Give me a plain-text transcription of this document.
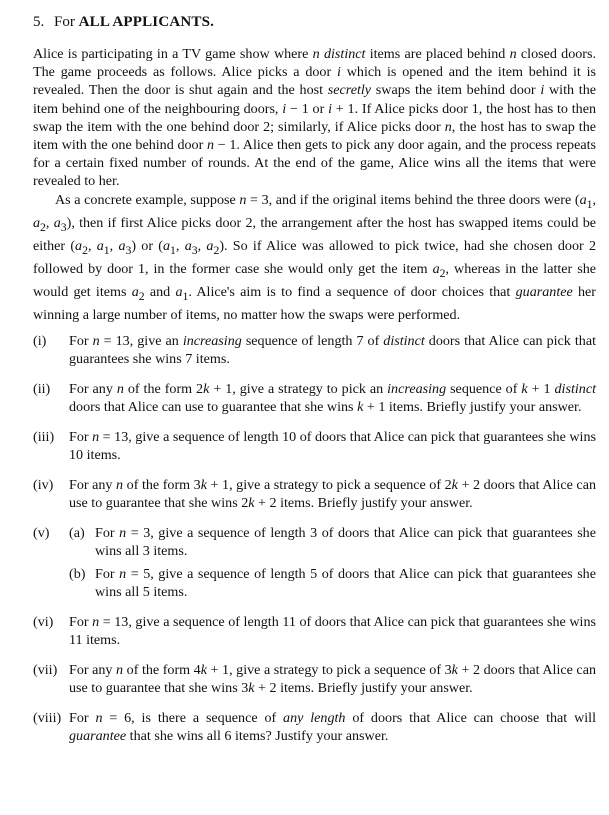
5. For ALL APPLICANTS.

Alice is participating in a TV game show where n distinct items are placed behind n closed doors. The game proceeds as follows. Alice picks a door i which is opened and the item behind it is revealed. Then the door is shut again and the host secretly swaps the item behind door i with the item behind one of the neighbouring doors, i − 1 or i + 1. If Alice picks door 1, the host has to then swap the item with the one behind door 2; similarly, if Alice picks door n, the host has to swap the item with the one behind door n − 1. Alice then gets to pick any door again, and the process repeats for a certain fixed number of rounds. At the end of the game, Alice wins all the items that were revealed to her.

As a concrete example, suppose n = 3, and if the original items behind the three doors were ($a_1$, $a_2$, $a_3$), then if first Alice picks door 2, the arrangement after the host has swapped items could be either ($a_2$, $a_1$, $a_3$) or ($a_1$, $a_3$, $a_2$). So if Alice was allowed to pick twice, had she chosen door 2 followed by door 1, in the former case she would only get the item $a_2$, whereas in the latter she would get items $a_2$ and $a_1$. Alice's aim is to find a sequence of door choices that guarantee her winning a large number of items, no matter how the swaps were performed.

(i)	For n = 13, give an increasing sequence of length 7 of distinct doors that Alice can pick that guarantees she wins 7 items.
(ii)	For any n of the form 2k + 1, give a strategy to pick an increasing sequence of k + 1 distinct doors that Alice can use to guarantee that she wins k + 1 items. Briefly justify your answer.
(iii)	For n = 13, give a sequence of length 10 of doors that Alice can pick that guarantees she wins 10 items.
(iv)	For any n of the form 3k + 1, give a strategy to pick a sequence of 2k + 2 doors that Alice can use to guarantee that she wins 2k + 2 items. Briefly justify your answer.
(v)	(a) For n = 3, give a sequence of length 3 of doors that Alice can pick that guarantees she wins all 3 items.
(b) For n = 5, give a sequence of length 5 of doors that Alice can pick that guarantees she wins all 5 items.
(vi)	For n = 13, give a sequence of length 11 of doors that Alice can pick that guarantees she wins 11 items.
(vii) For any n of the form 4k + 1, give a strategy to pick a sequence of 3k + 2 doors that Alice can use to guarantee that she wins 3k + 2 items. Briefly justify your answer.
(viii) For n = 6, is there a sequence of any length of doors that Alice can choose that will guarantee that she wins all 6 items? Justify your answer.
